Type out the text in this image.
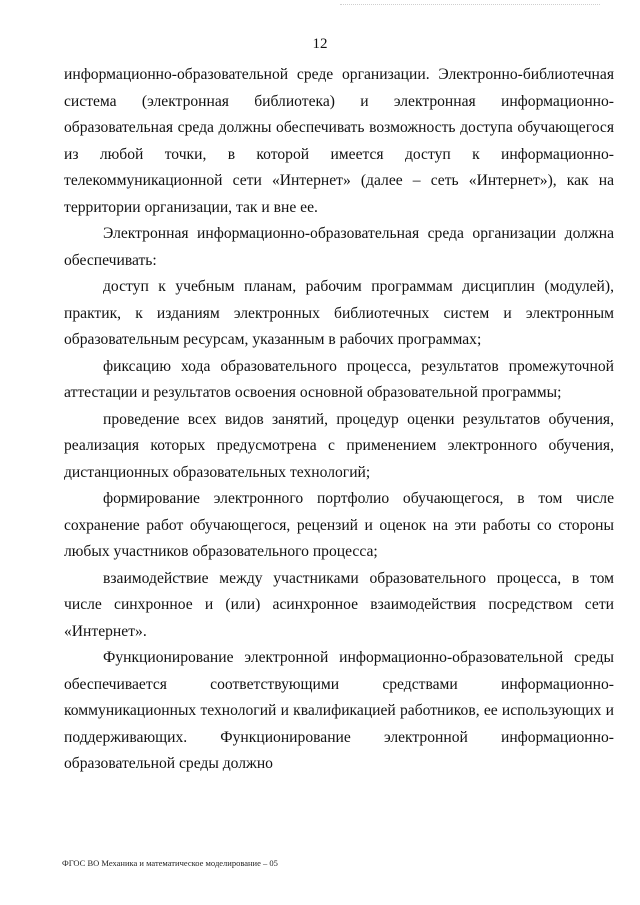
12

информационно-образовательной среде организации. Электронно-библиотечная система (электронная библиотека) и электронная информационно-образовательная среда должны обеспечивать возможность доступа обучающегося из любой точки, в которой имеется доступ к информационно-телекоммуникационной сети «Интернет» (далее – сеть «Интернет»), как на территории организации, так и вне ее.

Электронная информационно-образовательная среда организации должна обеспечивать:

доступ к учебным планам, рабочим программам дисциплин (модулей), практик, к изданиям электронных библиотечных систем и электронным образовательным ресурсам, указанным в рабочих программах;

фиксацию хода образовательного процесса, результатов промежуточной аттестации и результатов освоения основной образовательной программы;

проведение всех видов занятий, процедур оценки результатов обучения, реализация которых предусмотрена с применением электронного обучения, дистанционных образовательных технологий;

формирование электронного портфолио обучающегося, в том числе сохранение работ обучающегося, рецензий и оценок на эти работы со стороны любых участников образовательного процесса;

взаимодействие между участниками образовательного процесса, в том числе синхронное и (или) асинхронное взаимодействия посредством сети «Интернет».

Функционирование электронной информационно-образовательной среды обеспечивается соответствующими средствами информационно-коммуникационных технологий и квалификацией работников, ее использующих и поддерживающих. Функционирование электронной информационно-образовательной среды должно

ФГОС ВО Механика и математическое моделирование – 05
